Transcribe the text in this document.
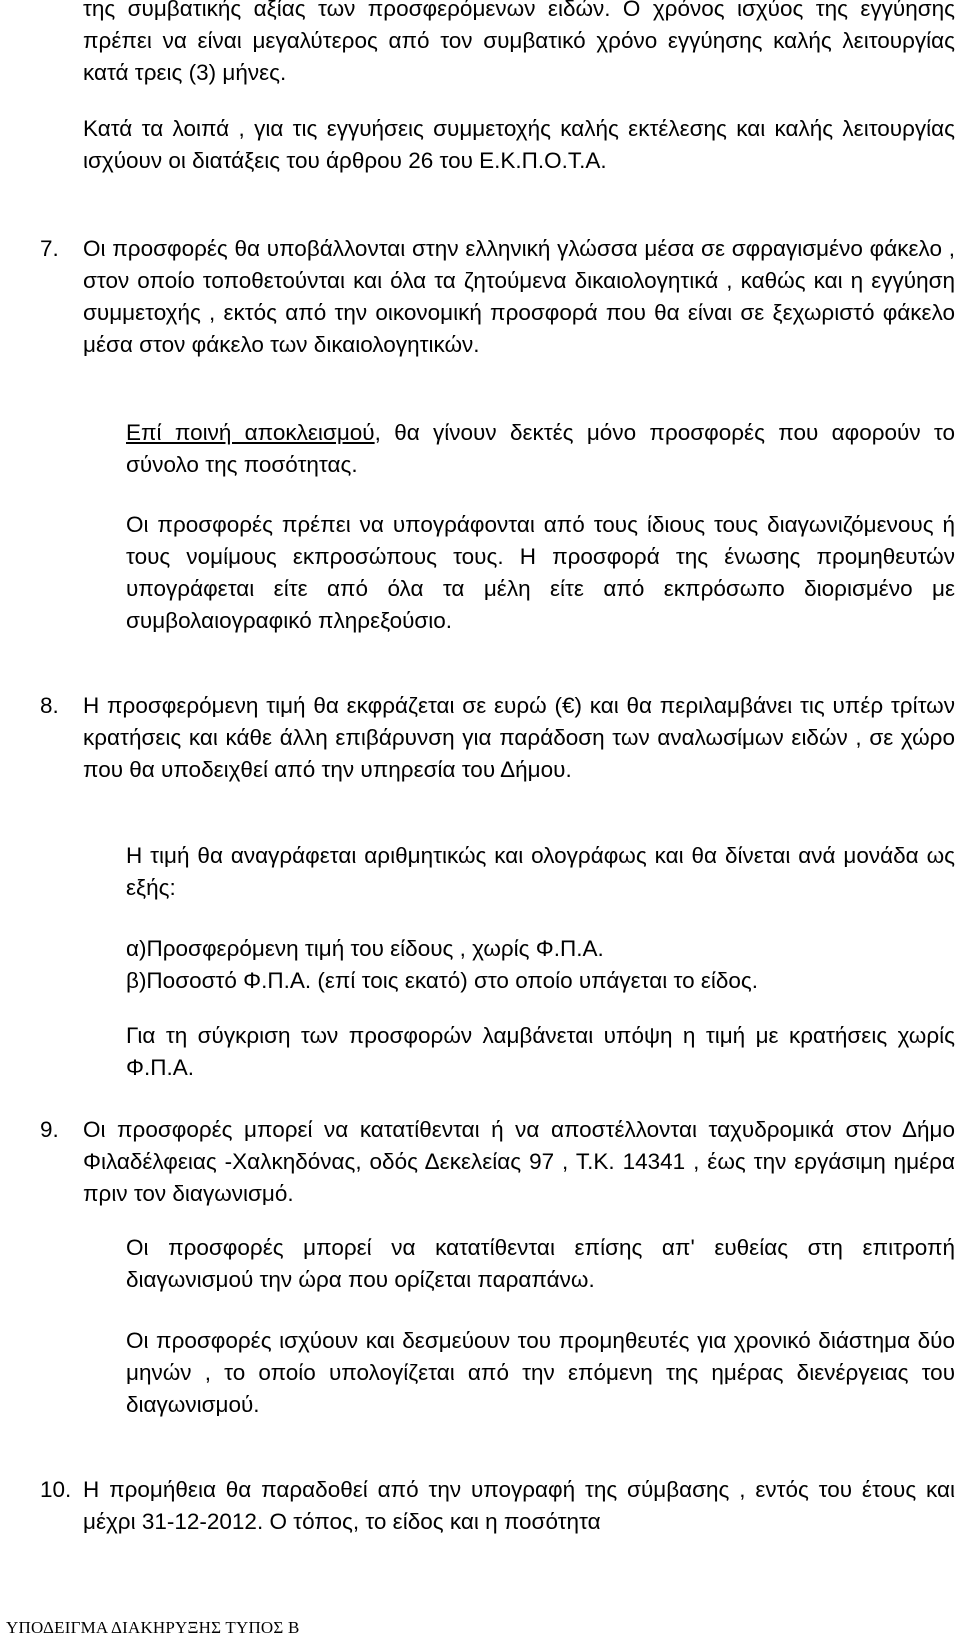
της συμβατικής αξίας των προσφερόμενων ειδών. Ο χρόνος ισχύος της εγγύησης πρέπει να είναι μεγαλύτερος από τον συμβατικό χρόνο εγγύησης καλής λειτουργίας κατά τρεις (3) μήνες.

Κατά τα λοιπά , για τις εγγυήσεις συμμετοχής καλής εκτέλεσης και καλής λειτουργίας ισχύουν οι διατάξεις του άρθρου 26 του Ε.Κ.Π.Ο.Τ.Α.

7. Οι προσφορές θα υποβάλλονται στην ελληνική γλώσσα μέσα σε σφραγισμένο φάκελο , στον οποίο τοποθετούνται και όλα τα ζητούμενα δικαιολογητικά , καθώς και η εγγύηση συμμετοχής , εκτός από την οικονομική προσφορά που θα είναι σε ξεχωριστό φάκελο μέσα στον φάκελο των δικαιολογητικών.

Επί ποινή αποκλεισμού, θα γίνουν δεκτές μόνο προσφορές που αφορούν το σύνολο της ποσότητας.

Οι προσφορές πρέπει να υπογράφονται από τους ίδιους τους διαγωνιζόμενους ή τους νομίμους εκπροσώπους τους. Η προσφορά της ένωσης προμηθευτών υπογράφεται είτε από όλα τα μέλη είτε από εκπρόσωπο διορισμένο με συμβολαιογραφικό πληρεξούσιο.

8. Η προσφερόμενη τιμή θα εκφράζεται σε ευρώ (€) και θα περιλαμβάνει τις υπέρ τρίτων κρατήσεις και κάθε άλλη επιβάρυνση για παράδοση των αναλωσίμων ειδών , σε χώρο που θα υποδειχθεί από την υπηρεσία του Δήμου.

Η τιμή θα αναγράφεται αριθμητικώς και ολογράφως και θα δίνεται ανά μονάδα ως εξής:

α)Προσφερόμενη τιμή του είδους , χωρίς Φ.Π.Α.
β)Ποσοστό Φ.Π.Α. (επί τοις εκατό) στο οποίο υπάγεται το είδος.

Για τη σύγκριση των προσφορών λαμβάνεται υπόψη η τιμή με κρατήσεις χωρίς Φ.Π.Α.

9. Οι προσφορές μπορεί να κατατίθενται ή να αποστέλλονται ταχυδρομικά στον Δήμο Φιλαδέλφειας -Χαλκηδόνας, οδός Δεκελείας 97 , Τ.Κ. 14341 , έως την εργάσιμη ημέρα πριν τον διαγωνισμό.

Οι προσφορές μπορεί να κατατίθενται επίσης απ' ευθείας στη επιτροπή διαγωνισμού την ώρα που ορίζεται παραπάνω.

Οι προσφορές ισχύουν και δεσμεύουν του προμηθευτές για χρονικό διάστημα δύο μηνών , το οποίο υπολογίζεται από την επόμενη της ημέρας διενέργειας του διαγωνισμού.

10. Η προμήθεια θα παραδοθεί από την υπογραφή της σύμβασης , εντός του έτους και μέχρι 31-12-2012. Ο τόπος, το είδος και η ποσότητα

ΥΠΟΔΕΙΓΜΑ ΔΙΑΚΗΡΥΞΗΣ ΤΥΠΟΣ Β
